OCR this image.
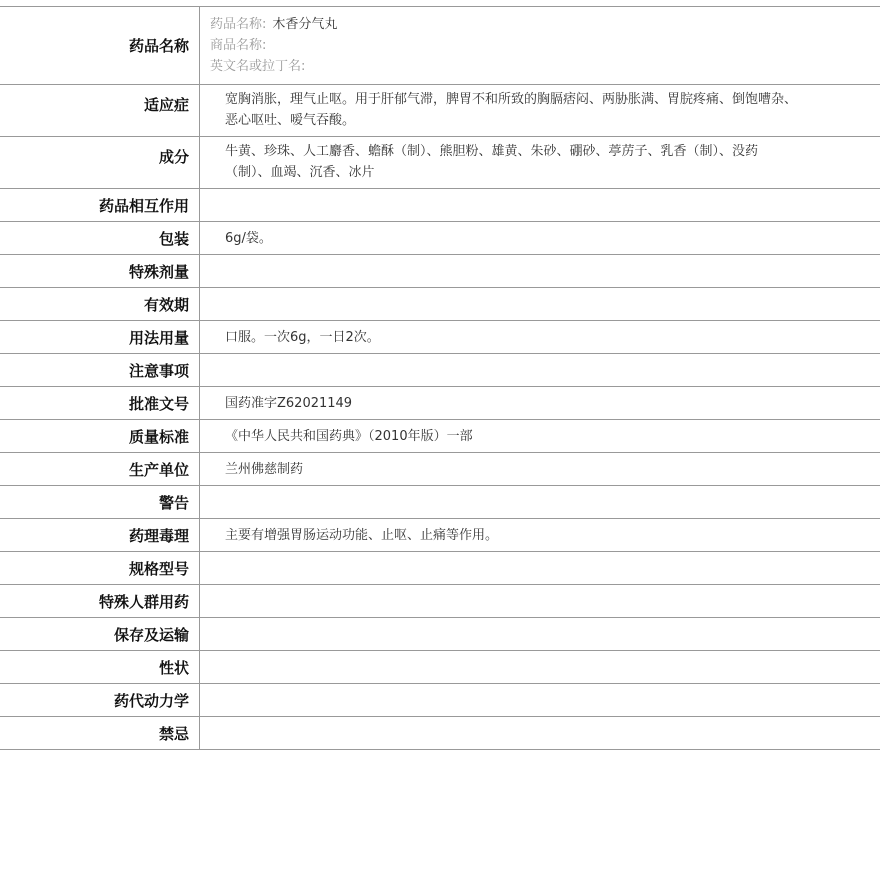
药品名称
药品名称: 木香分气丸
商品名称:
英文名或拉丁名:
适应症	宽胸消胀，理气止呕。用于肝郁气滞，脾胃不和所致的胸膈痞闷、两胁胀满、胃脘疼痛、倒饱嘈杂、恶心呕吐、嗳气吞酸。
成分	牛黄、珍珠、人工麝香、蟾酥（制）、熊胆粉、雄黄、朱砂、硼砂、葶苈子、乳香（制）、没药（制）、血竭、沉香、冰片
药品相互作用
包装	6g/袋。
特殊剂量
有效期
用法用量	口服。一次6g，一日2次。
注意事项
批准文号	国药准字Z62021149
质量标准	《中华人民共和国药典》（2010年版）一部
生产单位	兰州佛慈制药
警告
药理毒理	主要有增强胃肠运动功能、止呕、止痛等作用。
规格型号
特殊人群用药
保存及运输
性状
药代动力学
禁忌
